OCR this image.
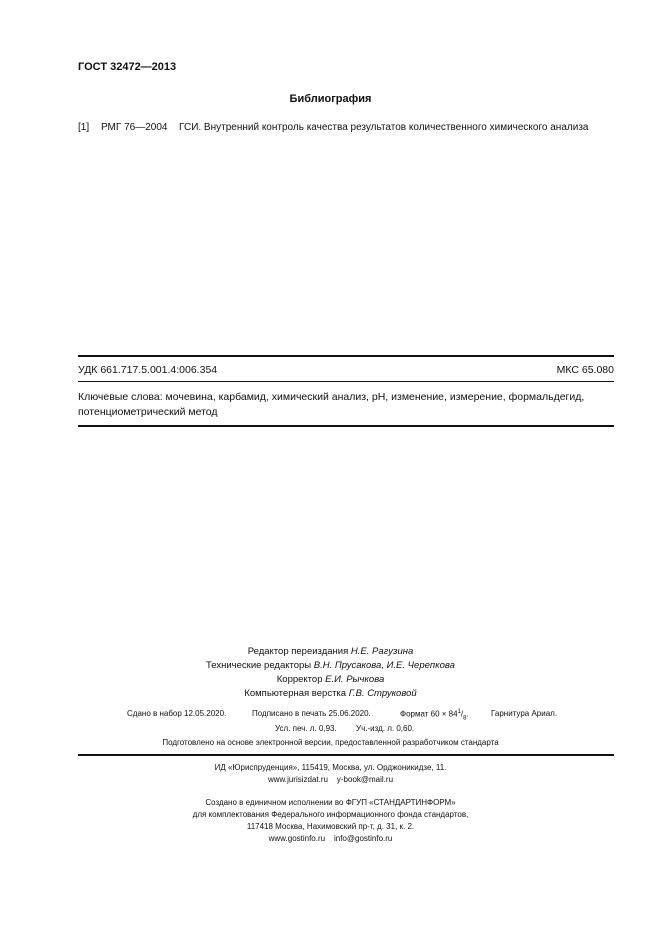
ГОСТ 32472—2013
Библиография
[1] РМГ 76—2004 ГСИ. Внутренний контроль качества результатов количественного химического анализа
УДК 661.717.5.001.4:006.354	МКС 65.080
Ключевые слова: мочевина, карбамид, химический анализ, рН, изменение, измерение, формальдегид, потенциометрический метод
Редактор переиздания Н.Е. Рагузина
Технические редакторы В.Н. Прусакова, И.Е. Черепкова
Корректор Е.И. Рычкова
Компьютерная верстка Г.В. Струковой
Сдано в набор 12.05.2020.	Подписано в печать 25.06.2020.	Формат $60 \times 84^1/_8$.	Гарнитура Ариал.
Усл. печ. л. 0,93. Уч.-изд. л. 0,60.
Подготовлено на основе электронной версии, предоставленной разработчиком стандарта
ИД «Юриспруденция», 115419, Москва, ул. Орджоникидзе, 11.
www.jurisizdat.ru y-book@mail.ru
Создано в единичном исполнении во ФГУП «СТАНДАРТИНФОРМ»
для комплектования Федерального информационного фонда стандартов,
117418 Москва, Нахимовский пр-т, д. 31, к. 2.
www.gostinfo.ru info@gostinfo.ru
